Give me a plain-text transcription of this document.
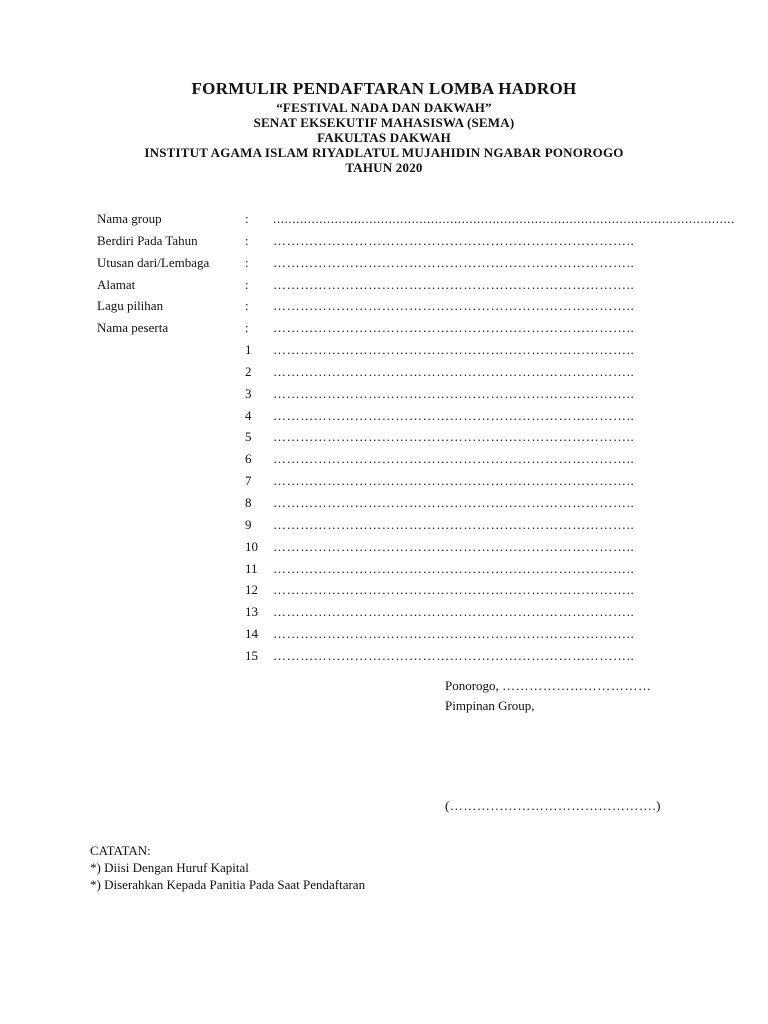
FORMULIR PENDAFTARAN LOMBA HADROH
“FESTIVAL NADA DAN DAKWAH”
SENAT EKSEKUTIF MAHASISWA (SEMA)
FAKULTAS DAKWAH
INSTITUT AGAMA ISLAM RIYADLATUL MUJAHIDIN NGABAR PONOROGO
TAHUN 2020
Nama group	: ........................................................................................................................
Berdiri Pada Tahun	: ……………………………………………………………………..
Utusan dari/Lembaga	: ……………………………………………………………………..
Alamat	: ……………………………………………………………………..
Lagu pilihan	: ……………………………………………………………………..
Nama peserta	: ……………………………………………………………………..
1 ……………………………………………………………………..
2 ……………………………………………………………………..
3 ……………………………………………………………………..
4 ……………………………………………………………………..
5 ……………………………………………………………………..
6 ……………………………………………………………………..
7 ……………………………………………………………………..
8 ……………………………………………………………………..
9 ……………………………………………………………………..
10 ……………………………………………………………………..
11 ……………………………………………………………………..
12 ……………………………………………………………………..
13 ……………………………………………………………………..
14 ……………………………………………………………………..
15 ……………………………………………………………………..
Ponorogo, ……………………………
Pimpinan Group,
(……………………………………….)
CATATAN:
*) Diisi Dengan Huruf Kapital
*) Diserahkan Kepada Panitia Pada Saat Pendaftaran
